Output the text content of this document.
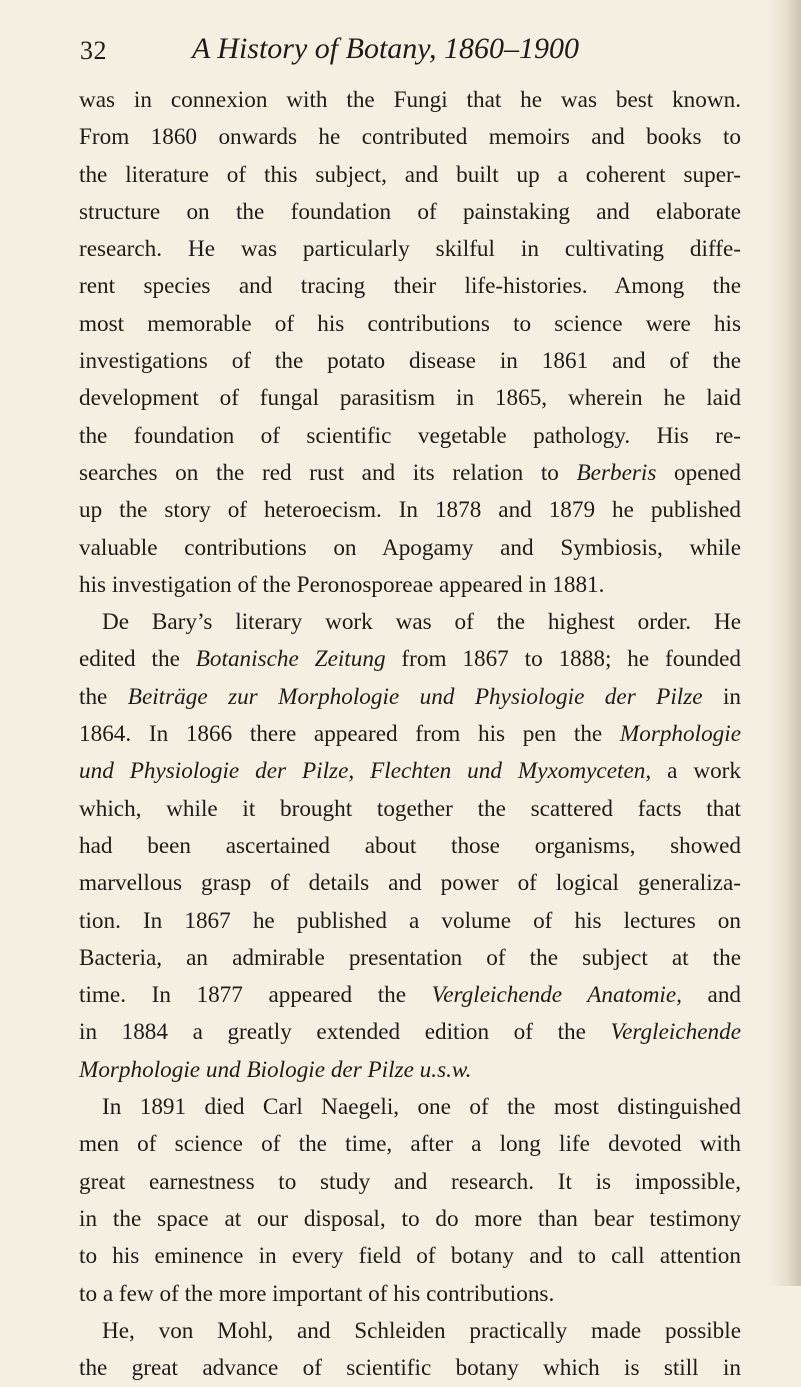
32	A History of Botany, 1860–1900
was in connexion with the Fungi that he was best known.
From 1860 onwards he contributed memoirs and books to
the literature of this subject, and built up a coherent super-
structure on the foundation of painstaking and elaborate
research. He was particularly skilful in cultivating diffe-
rent species and tracing their life-histories. Among the
most memorable of his contributions to science were his
investigations of the potato disease in 1861 and of the
development of fungal parasitism in 1865, wherein he laid
the foundation of scientific vegetable pathology. His re-
searches on the red rust and its relation to Berberis opened
up the story of heteroecism. In 1878 and 1879 he published
valuable contributions on Apogamy and Symbiosis, while
his investigation of the Peronosporeae appeared in 1881.
De Bary’s literary work was of the highest order. He
edited the Botanische Zeitung from 1867 to 1888; he founded
the Beiträge zur Morphologie und Physiologie der Pilze in
1864. In 1866 there appeared from his pen the Morphologie
und Physiologie der Pilze, Flechten und Myxomyceten, a work
which, while it brought together the scattered facts that
had been ascertained about those organisms, showed
marvellous grasp of details and power of logical generaliza-
tion. In 1867 he published a volume of his lectures on
Bacteria, an admirable presentation of the subject at the
time. In 1877 appeared the Vergleichende Anatomie, and
in 1884 a greatly extended edition of the Vergleichende
Morphologie und Biologie der Pilze u.s.w.
In 1891 died Carl Naegeli, one of the most distinguished
men of science of the time, after a long life devoted with
great earnestness to study and research. It is impossible,
in the space at our disposal, to do more than bear testimony
to his eminence in every field of botany and to call attention
to a few of the more important of his contributions.
He, von Mohl, and Schleiden practically made possible
the great advance of scientific botany which is still in
